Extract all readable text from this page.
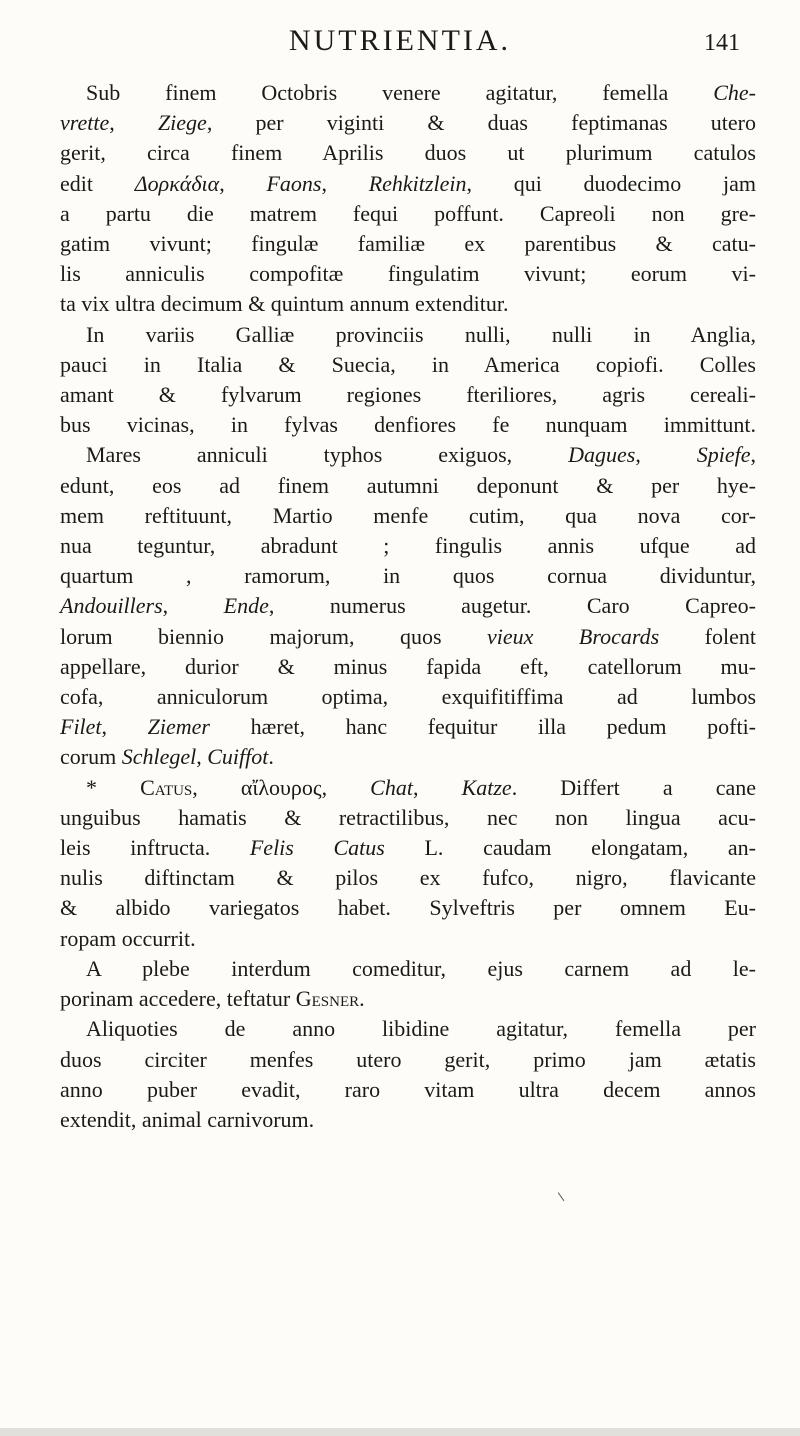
NUTRIENTIA.	141
Sub finem Octobris venere agitatur, femella Che-
vrette, Ziege, per viginti & duas feptimanas utero
gerit, circa finem Aprilis duos ut plurimum catulos
edit Δορκάδια, Faons, Rehkitzlein, qui duodecimo jam
a partu die matrem fequi poffunt. Capreoli non gre-
gatim vivunt; fingulæ familiæ ex parentibus & catu-
lis anniculis compofitæ fingulatim vivunt; eorum vi-
ta vix ultra decimum & quintum annum extenditur.
In variis Galliæ provinciis nulli, nulli in Anglia,
pauci in Italia & Suecia, in America copiofi. Colles
amant & fylvarum regiones fteriliores, agris cereali-
bus vicinas, in fylvas denfiores fe nunquam immittunt.
Mares anniculi typhos exiguos, Dagues, Spiefe,
edunt, eos ad finem autumni deponunt & per hye-
mem reftituunt, Martio menfe cutim, qua nova cor-
nua teguntur, abradunt ; fingulis annis ufque ad
quartum , ramorum, in quos cornua dividuntur,
Andouillers, Ende, numerus augetur. Caro Capreo-
lorum biennio majorum, quos vieux Brocards folent
appellare, durior & minus fapida eft, catellorum mu-
cofa, anniculorum optima, exquifitiffima ad lumbos
Filet, Ziemer hæret, hanc fequitur illa pedum pofti-
corum Schlegel, Cuiffot.
* Catus, αἴλουρος, Chat, Katze. Differt a cane
unguibus hamatis & retractilibus, nec non lingua acu-
leis inftructa. Felis Catus L. caudam elongatam, an-
nulis diftinctam & pilos ex fufco, nigro, flavicante
& albido variegatos habet. Sylveftris per omnem Eu-
ropam occurrit.
A plebe interdum comeditur, ejus carnem ad le-
porinam accedere, teftatur Gesner.
Aliquoties de anno libidine agitatur, femella per
duos circiter menfes utero gerit, primo jam ætatis
anno puber evadit, raro vitam ultra decem annos
extendit, animal carnivorum.
